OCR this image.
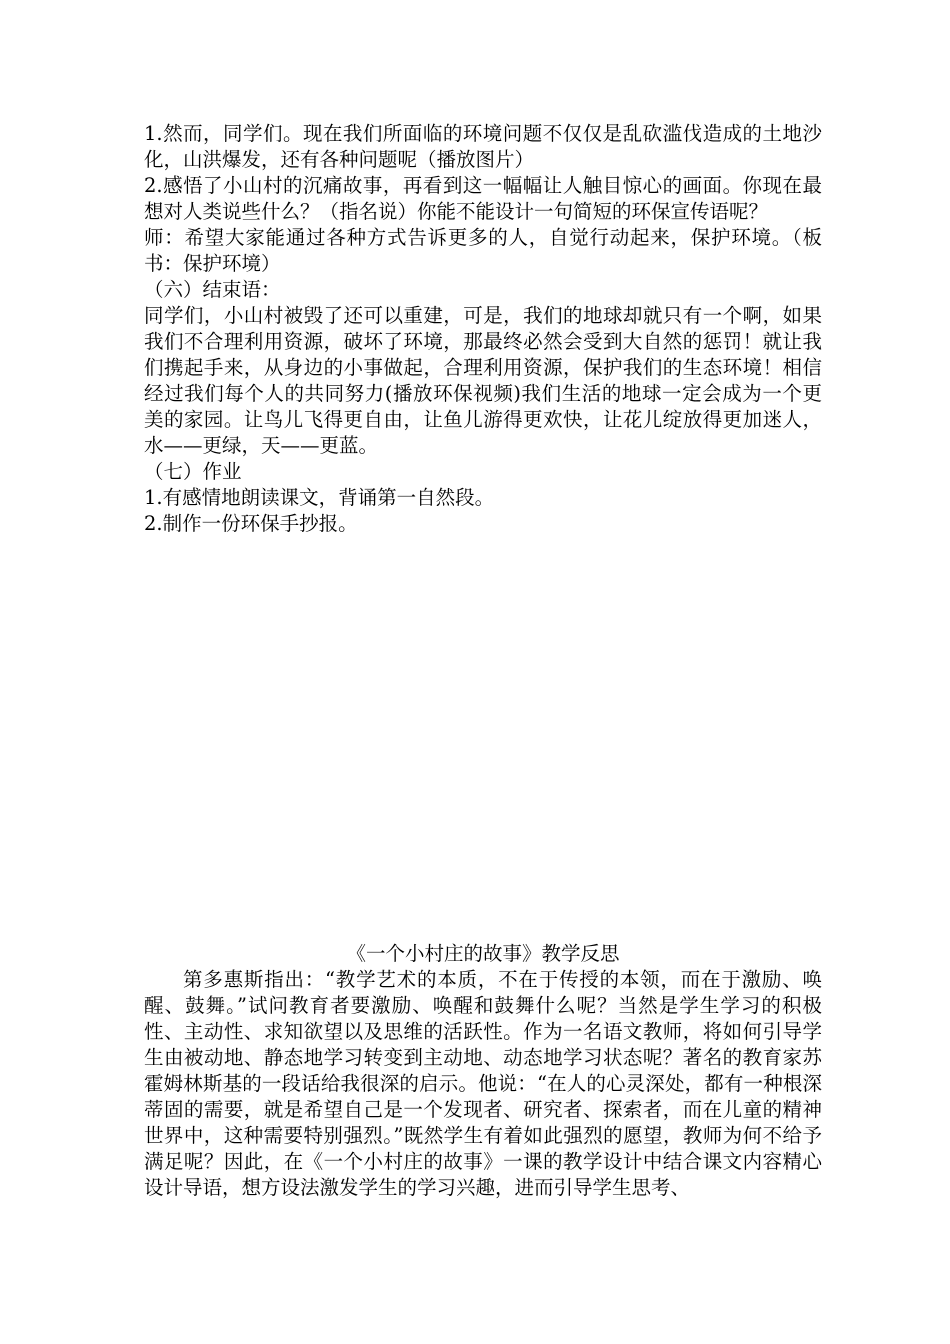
1.然而，同学们。现在我们所面临的环境问题不仅仅是乱砍滥伐造成的土地沙化，山洪爆发，还有各种问题呢（播放图片）

2.感悟了小山村的沉痛故事，再看到这一幅幅让人触目惊心的画面。你现在最想对人类说些什么？（指名说）你能不能设计一句简短的环保宣传语呢？

师：希望大家能通过各种方式告诉更多的人，自觉行动起来，保护环境。（板书：保护环境）

（六）结束语：

同学们，小山村被毁了还可以重建，可是，我们的地球却就只有一个啊，如果我们不合理利用资源，破坏了环境，那最终必然会受到大自然的惩罚！就让我们携起手来，从身边的小事做起，合理利用资源，保护我们的生态环境！相信经过我们每个人的共同努力(播放环保视频)我们生活的地球一定会成为一个更美的家园。让鸟儿飞得更自由，让鱼儿游得更欢快，让花儿绽放得更加迷人，水——更绿，天——更蓝。

（七）作业

1.有感情地朗读课文，背诵第一自然段。

2.制作一份环保手抄报。

《一个小村庄的故事》教学反思

第多惠斯指出：“教学艺术的本质，不在于传授的本领，而在于激励、唤醒、鼓舞。”试问教育者要激励、唤醒和鼓舞什么呢？当然是学生学习的积极性、主动性、求知欲望以及思维的活跃性。作为一名语文教师，将如何引导学生由被动地、静态地学习转变到主动地、动态地学习状态呢？著名的教育家苏霍姆林斯基的一段话给我很深的启示。他说：“在人的心灵深处，都有一种根深蒂固的需要，就是希望自己是一个发现者、研究者、探索者，而在儿童的精神世界中，这种需要特别强烈。”既然学生有着如此强烈的愿望，教师为何不给予满足呢？因此，在《一个小村庄的故事》一课的教学设计中结合课文内容精心设计导语，想方设法激发学生的学习兴趣，进而引导学生思考、
